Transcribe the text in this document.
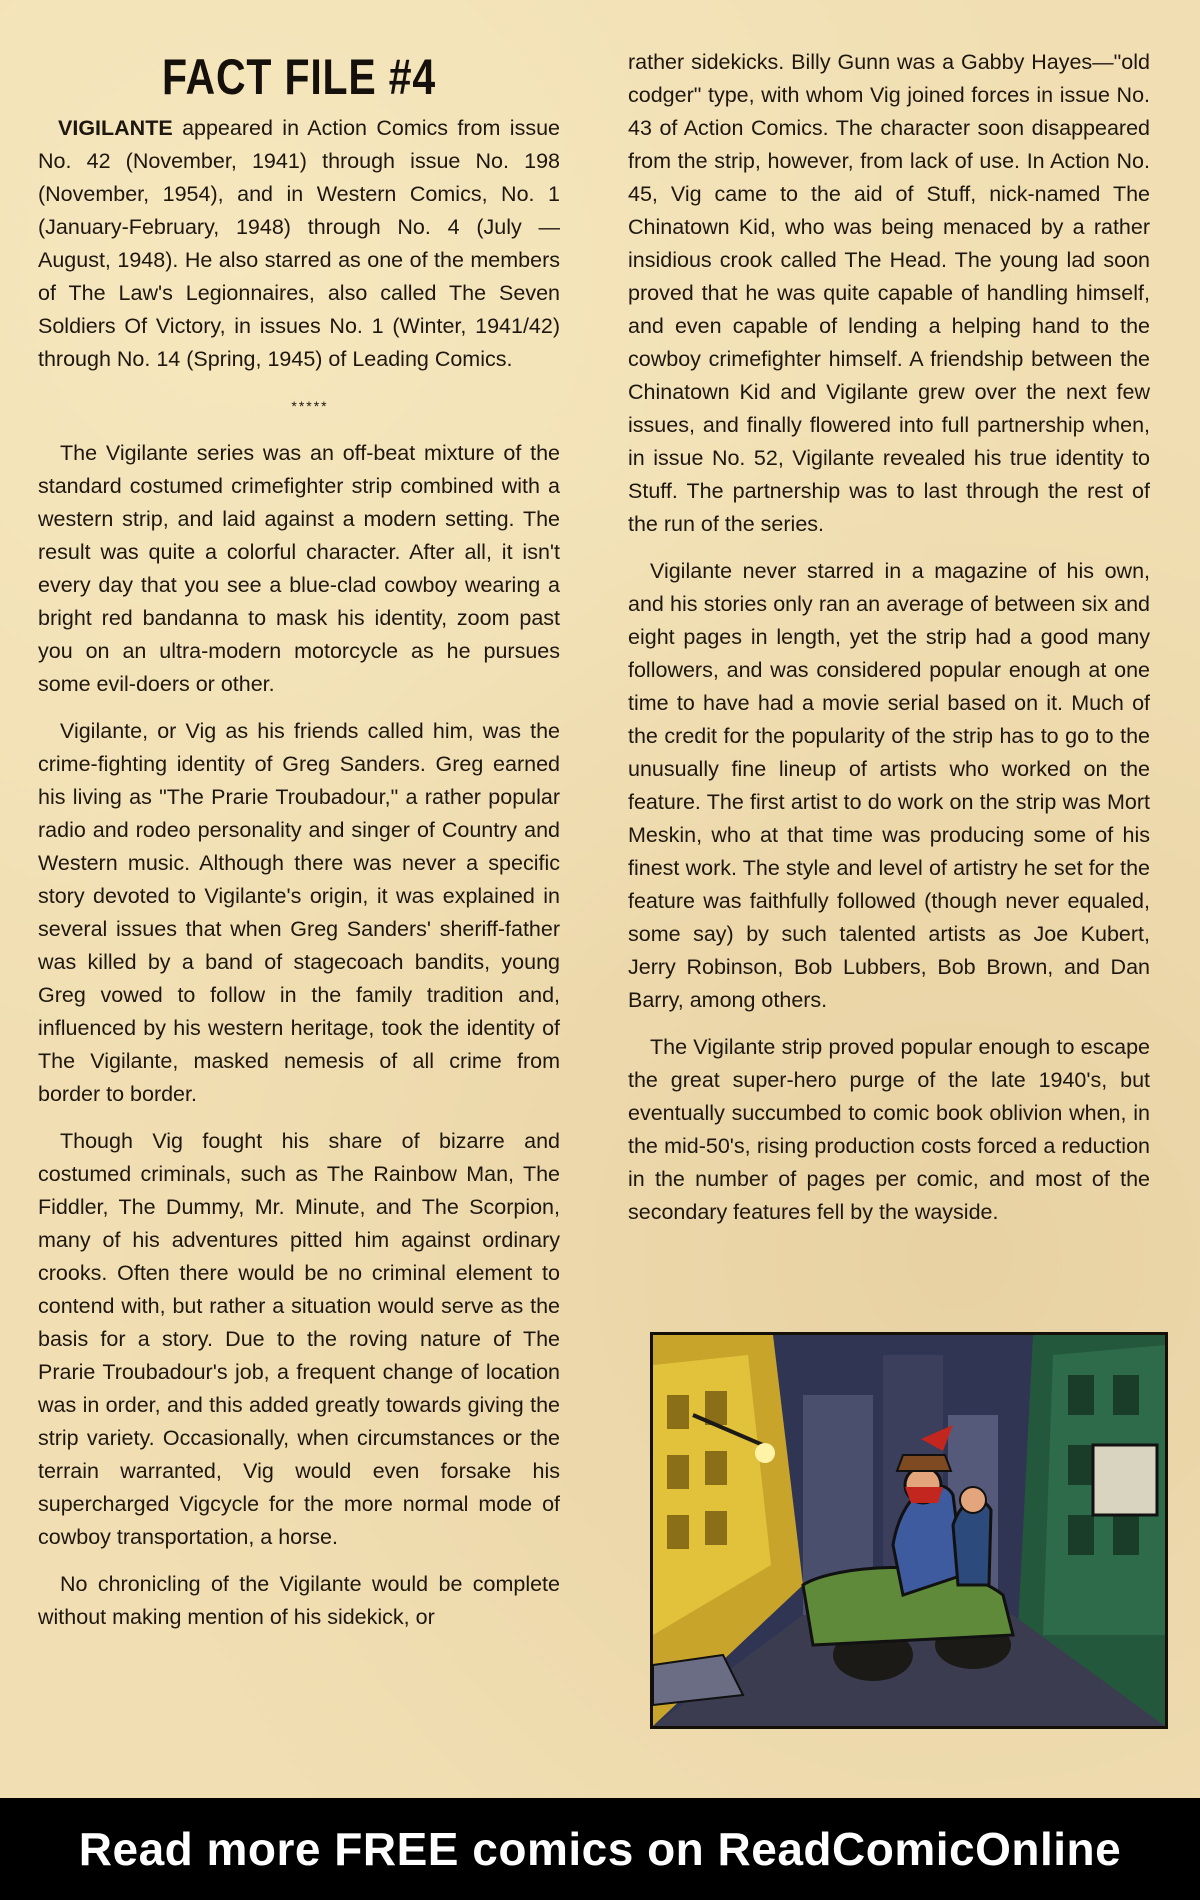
FACT FILE #4

VIGILANTE appeared in Action Comics from issue No. 42 (November, 1941) through issue No. 198 (November, 1954), and in Western Comics, No. 1 (January-February, 1948) through No. 4 (July —August, 1948). He also starred as one of the members of The Law's Legionnaires, also called The Seven Soldiers Of Victory, in issues No. 1 (Winter, 1941/42) through No. 14 (Spring, 1945) of Leading Comics.

*****

The Vigilante series was an off-beat mixture of the standard costumed crimefighter strip combined with a western strip, and laid against a modern setting. The result was quite a colorful character. After all, it isn't every day that you see a blue-clad cowboy wearing a bright red bandanna to mask his identity, zoom past you on an ultra-modern motorcycle as he pursues some evil-doers or other.

Vigilante, or Vig as his friends called him, was the crime-fighting identity of Greg Sanders. Greg earned his living as "The Prarie Troubadour," a rather popular radio and rodeo personality and singer of Country and Western music. Although there was never a specific story devoted to Vigilante's origin, it was explained in several issues that when Greg Sanders' sheriff-father was killed by a band of stagecoach bandits, young Greg vowed to follow in the family tradition and, influenced by his western heritage, took the identity of The Vigilante, masked nemesis of all crime from border to border.

Though Vig fought his share of bizarre and costumed criminals, such as The Rainbow Man, The Fiddler, The Dummy, Mr. Minute, and The Scorpion, many of his adventures pitted him against ordinary crooks. Often there would be no criminal element to contend with, but rather a situation would serve as the basis for a story. Due to the roving nature of The Prarie Troubadour's job, a frequent change of location was in order, and this added greatly towards giving the strip variety. Occasionally, when circumstances or the terrain warranted, Vig would even forsake his supercharged Vigcycle for the more normal mode of cowboy transportation, a horse.

No chronicling of the Vigilante would be complete without making mention of his sidekick, or

rather sidekicks. Billy Gunn was a Gabby Hayes—"old codger" type, with whom Vig joined forces in issue No. 43 of Action Comics. The character soon disappeared from the strip, however, from lack of use. In Action No. 45, Vig came to the aid of Stuff, nick-named The Chinatown Kid, who was being menaced by a rather insidious crook called The Head. The young lad soon proved that he was quite capable of handling himself, and even capable of lending a helping hand to the cowboy crimefighter himself. A friendship between the Chinatown Kid and Vigilante grew over the next few issues, and finally flowered into full partnership when, in issue No. 52, Vigilante revealed his true identity to Stuff. The partnership was to last through the rest of the run of the series.

Vigilante never starred in a magazine of his own, and his stories only ran an average of between six and eight pages in length, yet the strip had a good many followers, and was considered popular enough at one time to have had a movie serial based on it. Much of the credit for the popularity of the strip has to go to the unusually fine lineup of artists who worked on the feature. The first artist to do work on the strip was Mort Meskin, who at that time was producing some of his finest work. The style and level of artistry he set for the feature was faithfully followed (though never equaled, some say) by such talented artists as Joe Kubert, Jerry Robinson, Bob Lubbers, Bob Brown, and Dan Barry, among others.

The Vigilante strip proved popular enough to escape the great super-hero purge of the late 1940's, but eventually succumbed to comic book oblivion when, in the mid-50's, rising production costs forced a reduction in the number of pages per comic, and most of the secondary features fell by the wayside.

Read more FREE comics on ReadComicOnline
